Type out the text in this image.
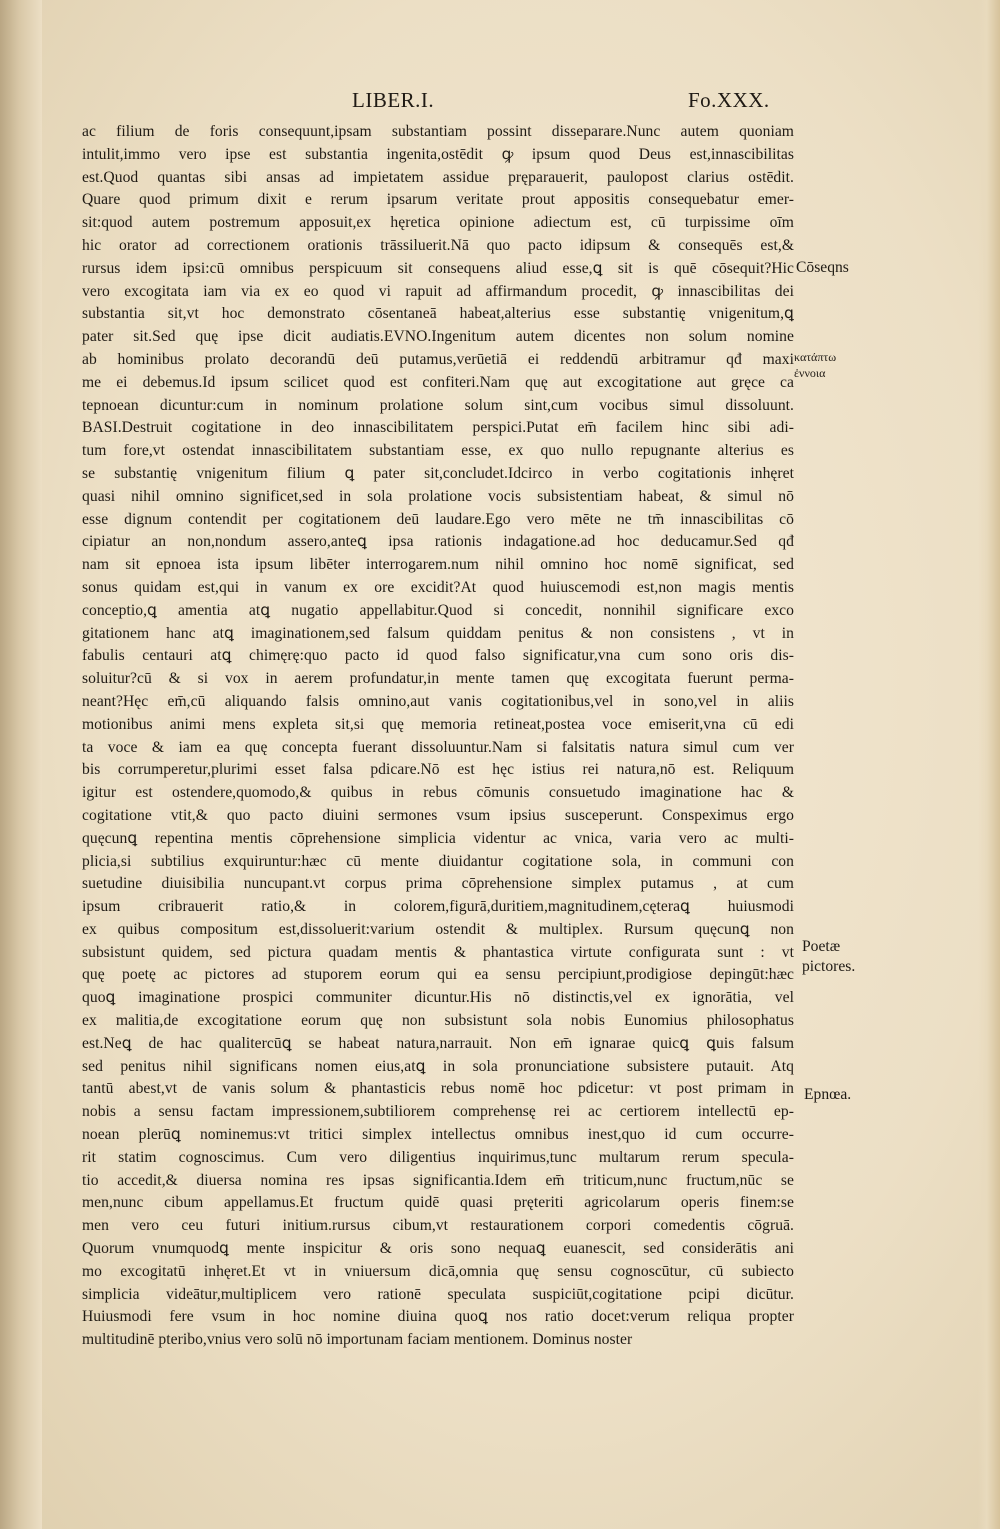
LIBER.I.	Fo.XXX.
ac filium de foris consequunt,ipsam substantiam possint disseparare.Nunc autem quoniam
intulit,immo vero ipse est substantia ingenita,ostēdit ꝙ ipsum quod Deus est,innascibilitas
est.Quod quantas sibi ansas ad impietatem assidue pręparauerit, paulopost clarius ostēdit.
Quare quod primum dixit e rerum ipsarum veritate prout appositis consequebatur emer-
sit:quod autem postremum apposuit,ex hęretica opinione adiectum est, cū turpissime oīm
hic orator ad correctionem orationis trāssiluerit.Nā quo pacto idipsum & consequēs est,&
rursus idem ipsi:cū omnibus perspicuum sit consequens aliud esse,ꝗ sit is quē cōsequit?Hic
vero excogitata iam via ex eo quod vi rapuit ad affirmandum procedit, ꝙ innascibilitas dei
substantia sit,vt hoc demonstrato cōsentaneā habeat,alterius esse substantię vnigenitum,ꝗ
pater sit.Sed quę ipse dicit audiatis.EVNO.Ingenitum autem dicentes non solum nomine
ab hominibus prolato decorandū deū putamus,verūetiā ei reddendū arbitramur qđ maxi
me ei debemus.Id ipsum scilicet quod est confiteri.Nam quę aut excogitatione aut gręce ca
tepnoean dicuntur:cum in nominum prolatione solum sint,cum vocibus simul dissoluunt.
BASI.Destruit cogitatione in deo innascibilitatem perspici.Putat em̄ facilem hinc sibi adi-
tum fore,vt ostendat innascibilitatem substantiam esse, ex quo nullo repugnante alterius es
se substantię vnigenitum filium ꝗ pater sit,concludet.Idcirco in verbo cogitationis inhęret
quasi nihil omnino significet,sed in sola prolatione vocis subsistentiam habeat, & simul nō
esse dignum contendit per cogitationem deū laudare.Ego vero mēte ne tm̄ innascibilitas cō
cipiatur an non,nondum assero,anteꝗ ipsa rationis indagatione.ad hoc deducamur.Sed qđ
nam sit epnoea ista ipsum libēter interrogarem.num nihil omnino hoc nomē significat, sed
sonus quidam est,qui in vanum ex ore excidit?At quod huiuscemodi est,non magis mentis
conceptio,ꝗ amentia atꝗ nugatio appellabitur.Quod si concedit, nonnihil significare exco
gitationem hanc atꝗ imaginationem,sed falsum quiddam penitus & non consistens , vt in
fabulis centauri atꝗ chimęrę:quo pacto id quod falso significatur,vna cum sono oris dis-
soluitur?cū & si vox in aerem profundatur,in mente tamen quę excogitata fuerunt perma-
neant?Hęc em̄,cū aliquando falsis omnino,aut vanis cogitationibus,vel in sono,vel in aliis
motionibus animi mens expleta sit,si quę memoria retineat,postea voce emiserit,vna cū edi
ta voce & iam ea quę concepta fuerant dissoluuntur.Nam si falsitatis natura simul cum ver
bis corrumperetur,plurimi esset falsa pdicare.Nō est hęc istius rei natura,nō est. Reliquum
igitur est ostendere,quomodo,& quibus in rebus cōmunis consuetudo imaginatione hac &
cogitatione vtit,& quo pacto diuini sermones vsum ipsius susceperunt. Conspeximus ergo
quęcunꝗ repentina mentis cōprehensione simplicia videntur ac vnica, varia vero ac multi-
plicia,si subtilius exquiruntur:hæc cū mente diuidantur cogitatione sola, in communi con
suetudine diuisibilia nuncupant.vt corpus prima cōprehensione simplex putamus , at cum
ipsum cribrauerit ratio,& in colorem,figurā,duritiem,magnitudinem,cęteraꝗ huiusmodi
ex quibus compositum est,dissoluerit:varium ostendit & multiplex. Rursum quęcunꝗ non
subsistunt quidem, sed pictura quadam mentis & phantastica virtute configurata sunt : vt
quę poetę ac pictores ad stuporem eorum qui ea sensu percipiunt,prodigiose depingūt:hæc
quoꝗ imaginatione prospici communiter dicuntur.His nō distinctis,vel ex ignorātia, vel
ex malitia,de excogitatione eorum quę non subsistunt sola nobis Eunomius philosophatus
est.Neꝗ de hac qualitercūꝗ se habeat natura,narrauit. Non em̄ ignarae quicꝗ ꝗuis falsum
sed penitus nihil significans nomen eius,atꝗ in sola pronunciatione subsistere putauit. Atq
tantū abest,vt de vanis solum & phantasticis rebus nomē hoc pdicetur: vt post primam in
nobis a sensu factam impressionem,subtiliorem comprehensę rei ac certiorem intellectū ep-
noean plerūꝗ nominemus:vt tritici simplex intellectus omnibus inest,quo id cum occurre-
rit statim cognoscimus. Cum vero diligentius inquirimus,tunc multarum rerum specula-
tio accedit,& diuersa nomina res ipsas significantia.Idem em̄ triticum,nunc fructum,nūc se
men,nunc cibum appellamus.Et fructum quidē quasi pręteriti agricolarum operis finem:se
men vero ceu futuri initium.rursus cibum,vt restaurationem corpori comedentis cōgruā.
Quorum vnumquodꝗ mente inspicitur & oris sono nequaꝗ euanescit, sed considerātis ani
mo excogitatū inhęret.Et vt in vniuersum dicā,omnia quę sensu cognoscūtur, cū subiecto
simplicia videātur,multiplicem vero rationē speculata suspiciūt,cogitatione pcipi dicūtur.
Huiusmodi fere vsum in hoc nomine diuina quoꝗ nos ratio docet:verum reliqua propter
multitudinē pteribo,vnius vero solū nō importunam faciam mentionem. Dominus noster
Cōseqns
κατάπτω ἐννοια
Poetæ pictores.
Epnœa.
